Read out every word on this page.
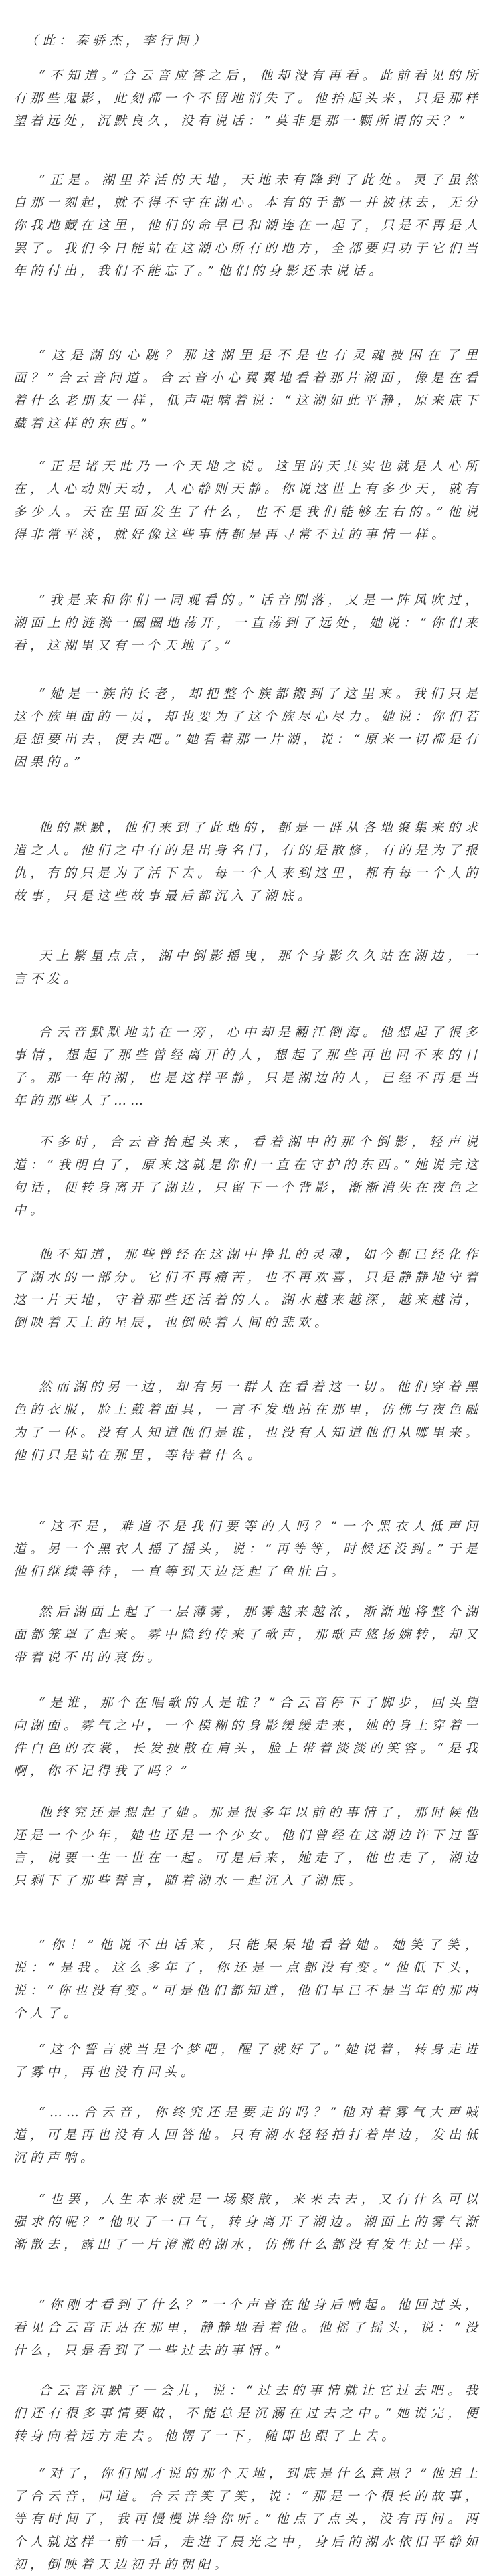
（此：秦骄杰，李行间）

“不知道。”合云音应答之后，他却没有再看。此前看见的所有那些鬼影，此刻都一个不留地消失了。他抬起头来，只是那样望着远处，沉默良久，没有说话：“莫非是那一颗所谓的天？”

“正是。湖里养活的天地，天地未有降到了此处。灵子虽然自那一刻起，就不得不守在湖心。本有的手都一并被抹去，无分你我地藏在这里，他们的命早已和湖连在一起了，只是不再是人罢了。我们今日能站在这湖心所有的地方，全都要归功于它们当年的付出，我们不能忘了。”他们的身影还未说话。

“这是湖的心跳？那这湖里是不是也有灵魂被困在了里面？”合云音问道。合云音小心翼翼地看着那片湖面，像是在看着什么老朋友一样，低声呢喃着说：“这湖如此平静，原来底下藏着这样的东西。”

“正是诸天此乃一个天地之说。这里的天其实也就是人心所在，人心动则天动，人心静则天静。你说这世上有多少天，就有多少人。天在里面发生了什么，也不是我们能够左右的。”他说得非常平淡，就好像这些事情都是再寻常不过的事情一样。

“我是来和你们一同观看的。”话音刚落，又是一阵风吹过，湖面上的涟漪一圈圈地荡开，一直荡到了远处，她说：“你们来看，这湖里又有一个天地了。”

“她是一族的长老，却把整个族都搬到了这里来。我们只是这个族里面的一员，却也要为了这个族尽心尽力。她说：你们若是想要出去，便去吧。”她看着那一片湖，说：“原来一切都是有因果的。”

他的默默，他们来到了此地的，都是一群从各地聚集来的求道之人。他们之中有的是出身名门，有的是散修，有的是为了报仇，有的只是为了活下去。每一个人来到这里，都有每一个人的故事，只是这些故事最后都沉入了湖底。

天上繁星点点，湖中倒影摇曳，那个身影久久站在湖边，一言不发。

合云音默默地站在一旁，心中却是翻江倒海。他想起了很多事情，想起了那些曾经离开的人，想起了那些再也回不来的日子。那一年的湖，也是这样平静，只是湖边的人，已经不再是当年的那些人了……

不多时，合云音抬起头来，看着湖中的那个倒影，轻声说道：“我明白了，原来这就是你们一直在守护的东西。”她说完这句话，便转身离开了湖边，只留下一个背影，渐渐消失在夜色之中。

他不知道，那些曾经在这湖中挣扎的灵魂，如今都已经化作了湖水的一部分。它们不再痛苦，也不再欢喜，只是静静地守着这一片天地，守着那些还活着的人。湖水越来越深，越来越清，倒映着天上的星辰，也倒映着人间的悲欢。

然而湖的另一边，却有另一群人在看着这一切。他们穿着黑色的衣服，脸上戴着面具，一言不发地站在那里，仿佛与夜色融为了一体。没有人知道他们是谁，也没有人知道他们从哪里来。他们只是站在那里，等待着什么。

“这不是，难道不是我们要等的人吗？”一个黑衣人低声问道。另一个黑衣人摇了摇头，说：“再等等，时候还没到。”于是他们继续等待，一直等到天边泛起了鱼肚白。

然后湖面上起了一层薄雾，那雾越来越浓，渐渐地将整个湖面都笼罩了起来。雾中隐约传来了歌声，那歌声悠扬婉转，却又带着说不出的哀伤。

“是谁，那个在唱歌的人是谁？”合云音停下了脚步，回头望向湖面。雾气之中，一个模糊的身影缓缓走来，她的身上穿着一件白色的衣裳，长发披散在肩头，脸上带着淡淡的笑容。“是我啊，你不记得我了吗？”

他终究还是想起了她。那是很多年以前的事情了，那时候他还是一个少年，她也还是一个少女。他们曾经在这湖边许下过誓言，说要一生一世在一起。可是后来，她走了，他也走了，湖边只剩下了那些誓言，随着湖水一起沉入了湖底。

“你！”他说不出话来，只能呆呆地看着她。她笑了笑，说：“是我。这么多年了，你还是一点都没有变。”他低下头，说：“你也没有变。”可是他们都知道，他们早已不是当年的那两个人了。

“这个誓言就当是个梦吧，醒了就好了。”她说着，转身走进了雾中，再也没有回头。

“……合云音，你终究还是要走的吗？”他对着雾气大声喊道，可是再也没有人回答他。只有湖水轻轻拍打着岸边，发出低沉的声响。

“也罢，人生本来就是一场聚散，来来去去，又有什么可以强求的呢？”他叹了一口气，转身离开了湖边。湖面上的雾气渐渐散去，露出了一片澄澈的湖水，仿佛什么都没有发生过一样。

“你刚才看到了什么？”一个声音在他身后响起。他回过头，看见合云音正站在那里，静静地看着他。他摇了摇头，说：“没什么，只是看到了一些过去的事情。”

合云音沉默了一会儿，说：“过去的事情就让它过去吧。我们还有很多事情要做，不能总是沉溺在过去之中。”她说完，便转身向着远方走去。他愣了一下，随即也跟了上去。

“对了，你们刚才说的那个天地，到底是什么意思？”他追上了合云音，问道。合云音笑了笑，说：“那是一个很长的故事，等有时间了，我再慢慢讲给你听。”他点了点头，没有再问。两个人就这样一前一后，走进了晨光之中，身后的湖水依旧平静如初，倒映着天边初升的朝阳。
